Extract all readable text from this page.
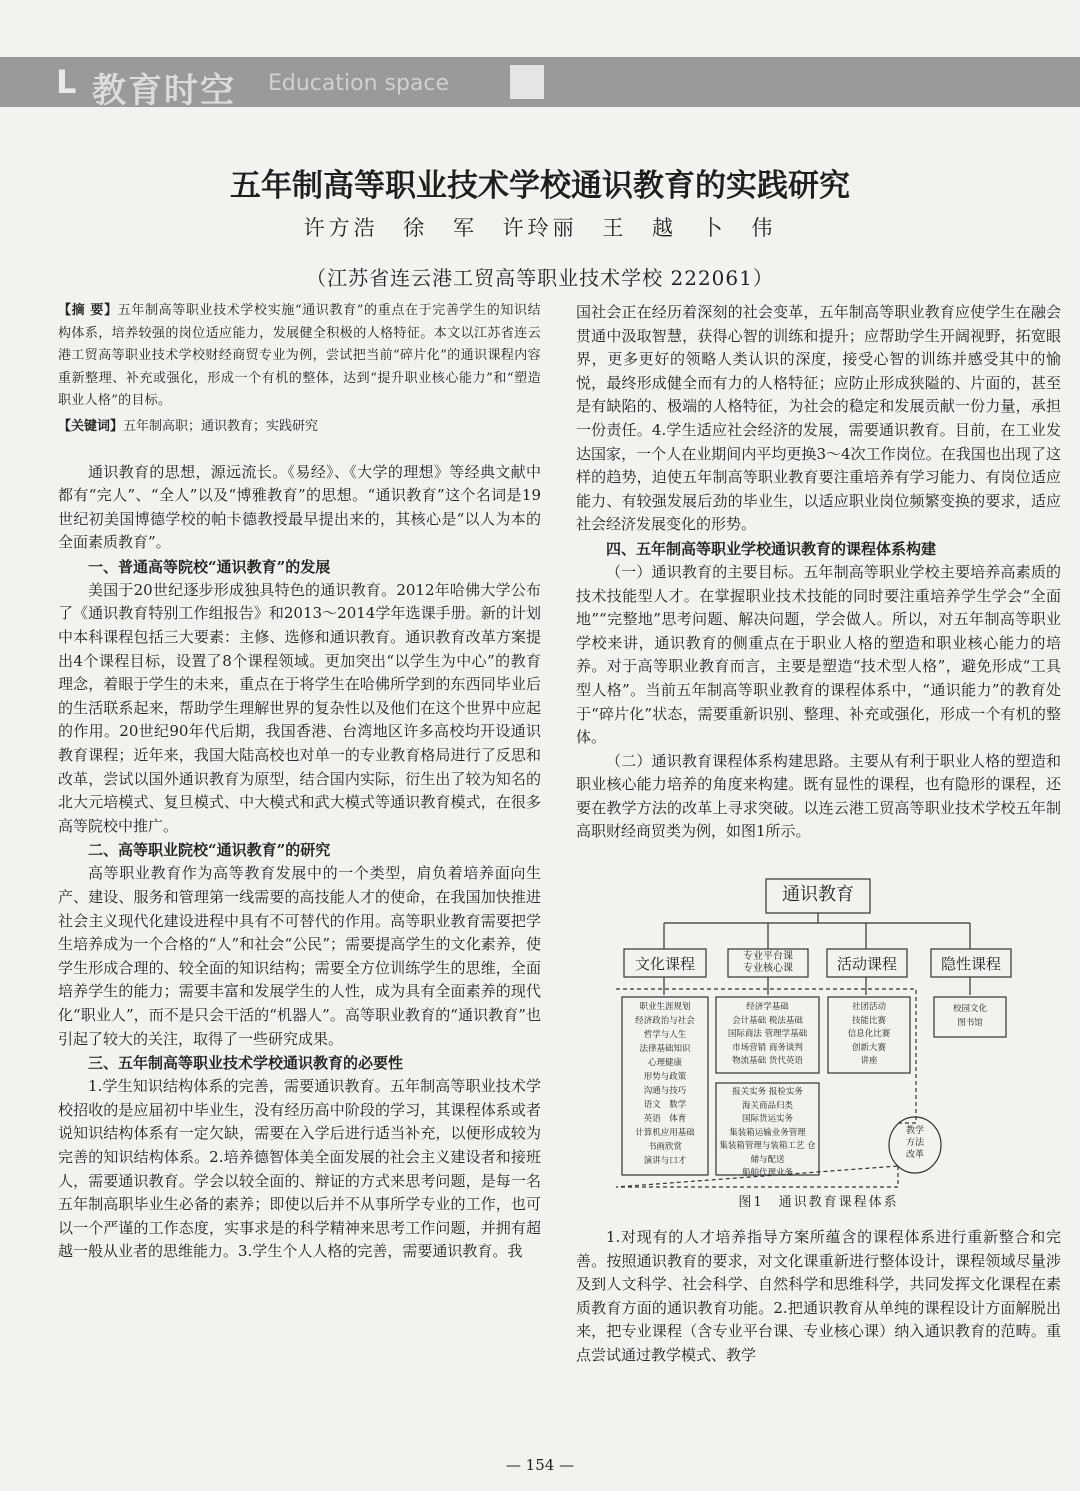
L 教育时空 Education space
五年制高等职业技术学校通识教育的实践研究
许方浩 徐 军 许玲丽 王 越 卜 伟
（江苏省连云港工贸高等职业技术学校 222061）
【摘 要】五年制高等职业技术学校实施“通识教育”的重点在于完善学生的知识结构体系，培养较强的岗位适应能力，发展健全积极的人格特征。本文以江苏省连云港工贸高等职业技术学校财经商贸专业为例，尝试把当前“碎片化”的通识课程内容重新整理、补充或强化，形成一个有机的整体，达到“提升职业核心能力”和“塑造职业人格”的目标。
【关键词】五年制高职；通识教育；实践研究

通识教育的思想，源远流长。《易经》、《大学的理想》等经典文献中都有“完人”、“全人”以及“博雅教育”的思想。“通识教育”这个名词是19世纪初美国博德学校的帕卡德教授最早提出来的，其核心是“以人为本的全面素质教育”。

一、普通高等院校“通识教育”的发展

美国于20世纪逐步形成独具特色的通识教育。2012年哈佛大学公布了《通识教育特别工作组报告》和2013～2014学年选课手册。新的计划中本科课程包括三大要素：主修、选修和通识教育。通识教育改革方案提出4个课程目标，设置了8个课程领域。更加突出“以学生为中心”的教育理念，着眼于学生的未来，重点在于将学生在哈佛所学到的东西同毕业后的生活联系起来，帮助学生理解世界的复杂性以及他们在这个世界中应起的作用。20世纪90年代后期，我国香港、台湾地区许多高校均开设通识教育课程；近年来，我国大陆高校也对单一的专业教育格局进行了反思和改革，尝试以国外通识教育为原型，结合国内实际，衍生出了较为知名的北大元培模式、复旦模式、中大模式和武大模式等通识教育模式，在很多高等院校中推广。

二、高等职业院校“通识教育”的研究

高等职业教育作为高等教育发展中的一个类型，肩负着培养面向生产、建设、服务和管理第一线需要的高技能人才的使命，在我国加快推进社会主义现代化建设进程中具有不可替代的作用。高等职业教育需要把学生培养成为一个合格的“人”和社会“公民”；需要提高学生的文化素养，使学生形成合理的、较全面的知识结构；需要全方位训练学生的思维，全面培养学生的能力；需要丰富和发展学生的人性，成为具有全面素养的现代化“职业人”，而不是只会干活的“机器人”。高等职业教育的“通识教育”也引起了较大的关注，取得了一些研究成果。

三、五年制高等职业技术学校通识教育的必要性

1.学生知识结构体系的完善，需要通识教育。五年制高等职业技术学校招收的是应届初中毕业生，没有经历高中阶段的学习，其课程体系或者说知识结构体系有一定欠缺，需要在入学后进行适当补充，以便形成较为完善的知识结构体系。2.培养德智体美全面发展的社会主义建设者和接班人，需要通识教育。学会以较全面的、辩证的方式来思考问题，是每一名五年制高职毕业生必备的素养；即使以后并不从事所学专业的工作，也可以一个严谨的工作态度，实事求是的科学精神来思考工作问题，并拥有超越一般从业者的思维能力。3.学生个人人格的完善，需要通识教育。我

国社会正在经历着深刻的社会变革，五年制高等职业教育应使学生在融会贯通中汲取智慧，获得心智的训练和提升；应帮助学生开阔视野，拓宽眼界，更多更好的领略人类认识的深度，接受心智的训练并感受其中的愉悦，最终形成健全而有力的人格特征；应防止形成狭隘的、片面的，甚至是有缺陷的、极端的人格特征，为社会的稳定和发展贡献一份力量，承担一份责任。4.学生适应社会经济的发展，需要通识教育。目前，在工业发达国家，一个人在业期间内平均更换3～4次工作岗位。在我国也出现了这样的趋势，迫使五年制高等职业教育要注重培养有学习能力、有岗位适应能力、有较强发展后劲的毕业生，以适应职业岗位频繁变换的要求，适应社会经济发展变化的形势。

四、五年制高等职业学校通识教育的课程体系构建

（一）通识教育的主要目标。五年制高等职业学校主要培养高素质的技术技能型人才。在掌握职业技术技能的同时要注重培养学生学会“全面地”“完整地”思考问题、解决问题，学会做人。所以，对五年制高等职业学校来讲，通识教育的侧重点在于职业人格的塑造和职业核心能力的培养。对于高等职业教育而言，主要是塑造“技术型人格”，避免形成“工具型人格”。当前五年制高等职业教育的课程体系中，“通识能力”的教育处于“碎片化”状态，需要重新识别、整理、补充或强化，形成一个有机的整体。

（二）通识教育课程体系构建思路。主要从有利于职业人格的塑造和职业核心能力培养的角度来构建。既有显性的课程，也有隐形的课程，还要在教学方法的改革上寻求突破。以连云港工贸高等职业技术学校五年制高职财经商贸类为例，如图1所示。

通识教育
文化课程	专业平台课
专业核心课	活动课程	隐性课程
职业生涯规划
经济政治与社会
哲学与人生
法律基础知识
心理健康
形势与政策
沟通与技巧
语文　数学
英语　体育
计算机应用基础
书画欣赏
演讲与口才
经济学基础
会计基础 税法基础
国际商法 管理学基础
市场营销 商务谈判
物流基础 货代英语
报关实务 报检实务
海关商品归类
国际货运实务
集装箱运输业务管理
集装箱管理与装箱工艺 仓储与配送
船舶代理业务
社团活动
技能比赛
信息化比赛
创新大赛
讲座
校园文化
图书馆
教学
方法
改革
图1　通识教育课程体系

1.对现有的人才培养指导方案所蕴含的课程体系进行重新整合和完善。按照通识教育的要求，对文化课重新进行整体设计，课程领域尽量涉及到人文科学、社会科学、自然科学和思维科学，共同发挥文化课程在素质教育方面的通识教育功能。2.把通识教育从单纯的课程设计方面解脱出来，把专业课程（含专业平台课、专业核心课）纳入通识教育的范畴。重点尝试通过教学模式、教学

— 154 —
